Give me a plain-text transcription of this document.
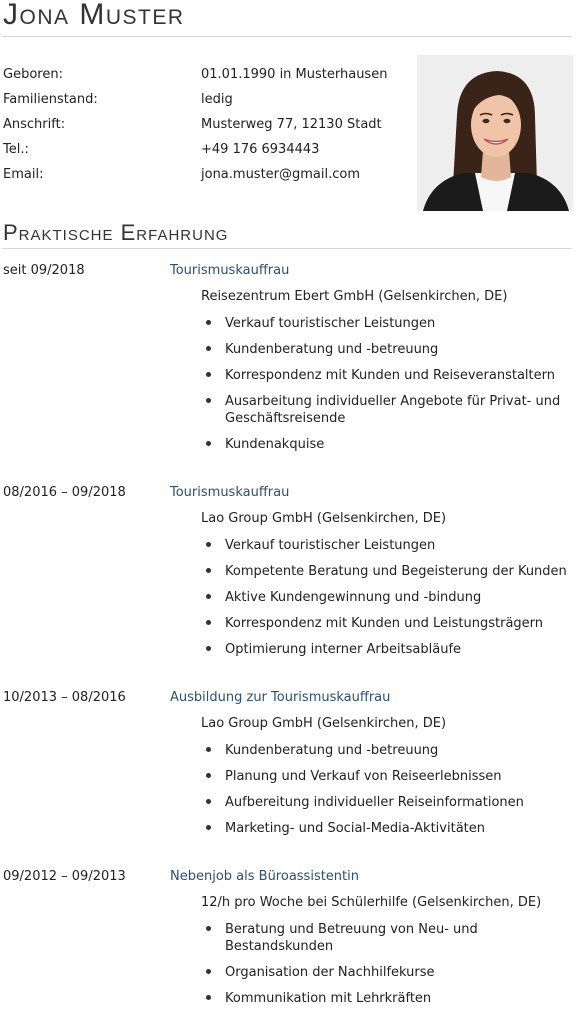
Jona Muster
Geboren:	01.01.1990 in Musterhausen
Familienstand:	ledig
Anschrift:	Musterweg 77, 12130 Stadt
Tel.:	+49 176 6934443
Email:	jona.muster@gmail.com
Praktische Erfahrung
seit 09/2018	Tourismuskauffrau
Reisezentrum Ebert GmbH (Gelsenkirchen, DE)
Verkauf touristischer Leistungen
Kundenberatung und -betreuung
Korrespondenz mit Kunden und Reiseveranstaltern
Ausarbeitung individueller Angebote für Privat- und Geschäftsreisende
Kundenakquise
08/2016 – 09/2018	Tourismuskauffrau
Lao Group GmbH (Gelsenkirchen, DE)
Verkauf touristischer Leistungen
Kompetente Beratung und Begeisterung der Kunden
Aktive Kundengewinnung und -bindung
Korrespondenz mit Kunden und Leistungsträgern
Optimierung interner Arbeitsabläufe
10/2013 – 08/2016	Ausbildung zur Tourismuskauffrau
Lao Group GmbH (Gelsenkirchen, DE)
Kundenberatung und -betreuung
Planung und Verkauf von Reiseerlebnissen
Aufbereitung individueller Reiseinformationen
Marketing- und Social-Media-Aktivitäten
09/2012 – 09/2013	Nebenjob als Büroassistentin
12/h pro Woche bei Schülerhilfe (Gelsenkirchen, DE)
Beratung und Betreuung von Neu- und Bestandskunden
Organisation der Nachhilfekurse
Kommunikation mit Lehrkräften
